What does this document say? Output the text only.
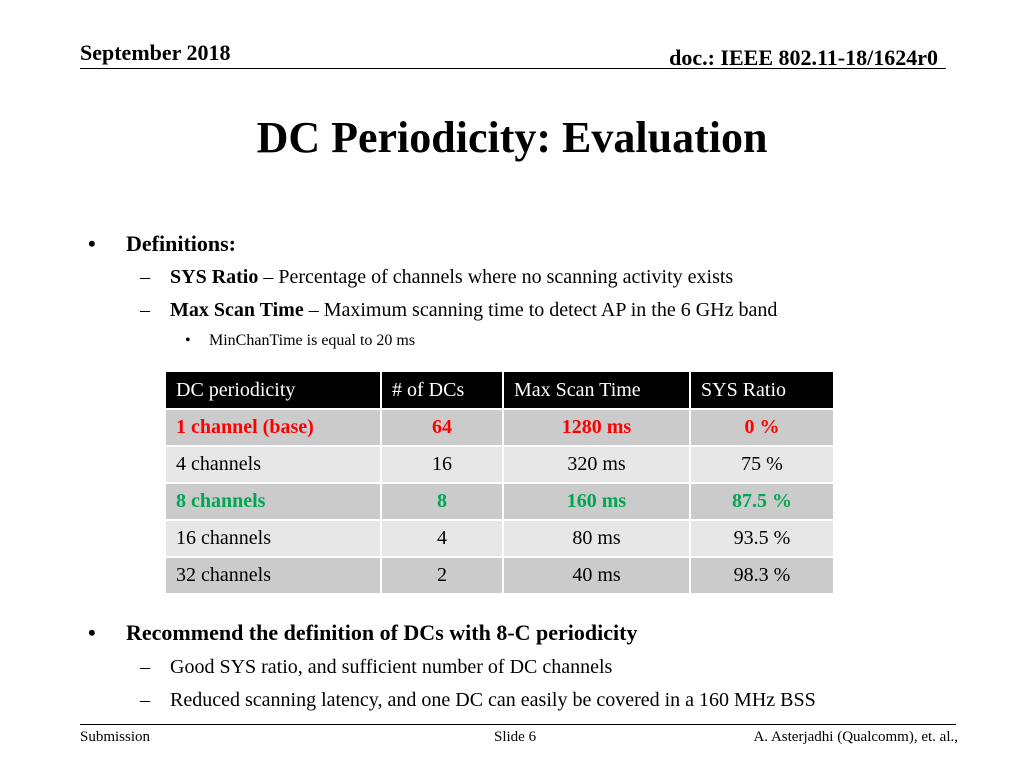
September 2018	doc.: IEEE 802.11-18/1624r0
DC Periodicity: Evaluation
• Definitions:
– SYS Ratio – Percentage of channels where no scanning activity exists
– Max Scan Time – Maximum scanning time to detect AP in the 6 GHz band
• MinChanTime is equal to 20 ms
DC periodicity	# of DCs	Max Scan Time	SYS Ratio
1 channel (base)	64	1280 ms	0 %
4 channels	16	320 ms	75 %
8 channels	8	160 ms	87.5 %
16 channels	4	80 ms	93.5 %
32 channels	2	40 ms	98.3 %
• Recommend the definition of DCs with 8-C periodicity
– Good SYS ratio, and sufficient number of DC channels
– Reduced scanning latency, and one DC can easily be covered in a 160 MHz BSS
Submission	Slide 6	A. Asterjadhi (Qualcomm), et. al.,
